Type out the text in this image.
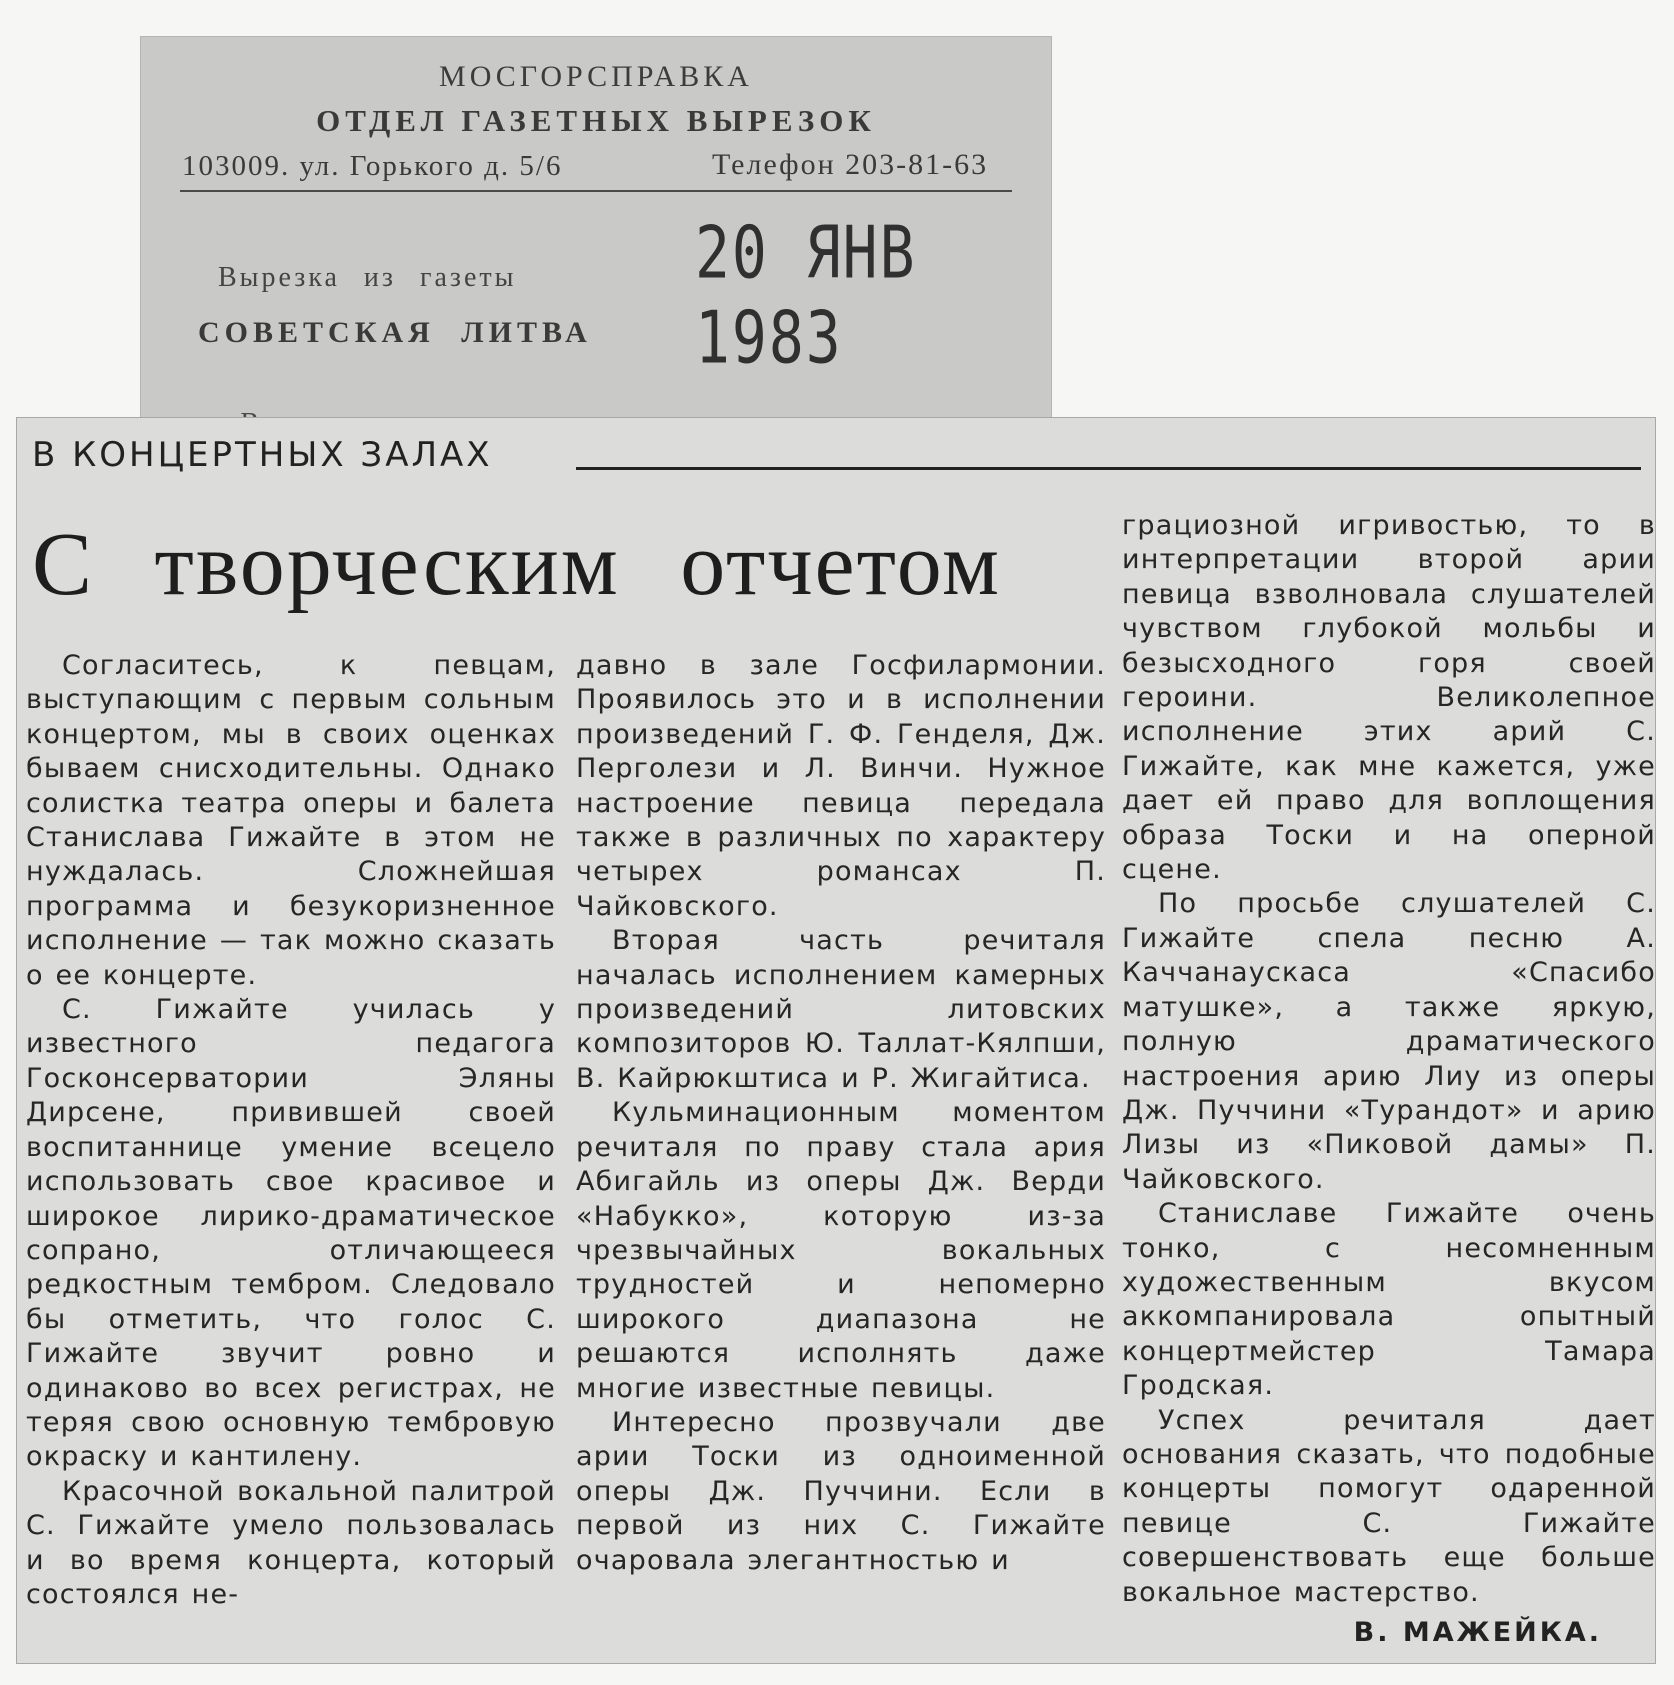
МОСГОРСПРАВКА
ОТДЕЛ ГАЗЕТНЫХ ВЫРЕЗОК
103009. ул. Горького д. 5/6	Телефон 203-81-63
Вырезка из газеты	20 ЯНВ 1983
СОВЕТСКАЯ ЛИТВА
В КОНЦЕРТНЫХ ЗАЛАХ
С творческим отчетом

Согласитесь, к певцам, выступающим с первым сольным концертом, мы в своих оценках бываем снисходительны. Однако солистка театра оперы и балета Станислава Гижайте в этом не нуждалась. Сложнейшая программа и безукоризненное исполнение — так можно сказать о ее концерте.

С. Гижайте училась у известного педагога Госконсерватории Эляны Дирсене, привившей своей воспитаннице умение всецело использовать свое красивое и широкое лирико-драматическое сопрано, отличающееся редкостным тембром. Следовало бы отметить, что голос С. Гижайте звучит ровно и одинаково во всех регистрах, не теряя свою основную тембровую окраску и кантилену.

Красочной вокальной палитрой С. Гижайте умело пользовалась и во время концерта, который состоялся не-

давно в зале Госфилармонии. Проявилось это и в исполнении произведений Г. Ф. Генделя, Дж. Перголези и Л. Винчи. Нужное настроение певица передала также в различных по характеру четырех романсах П. Чайковского.

Вторая часть речиталя началась исполнением камерных произведений литовских композиторов Ю. Таллат-Кялпши, В. Кайрюкштиса и Р. Жигайтиса.

Кульминационным моментом речиталя по праву стала ария Абигайль из оперы Дж. Верди «Набукко», которую из-за чрезвычайных вокальных трудностей и непомерно широкого диапазона не решаются исполнять даже многие известные певицы.

Интересно прозвучали две арии Тоски из одноименной оперы Дж. Пуччини. Если в первой из них С. Гижайте очаровала элегантностью и

грациозной игривостью, то в интерпретации второй арии певица взволновала слушателей чувством глубокой мольбы и безысходного горя своей героини. Великолепное исполнение этих арий С. Гижайте, как мне кажется, уже дает ей право для воплощения образа Тоски и на оперной сцене.

По просьбе слушателей С. Гижайте спела песню А. Каччанаускаса «Спасибо матушке», а также яркую, полную драматического настроения арию Лиу из оперы Дж. Пуччини «Турандот» и арию Лизы из «Пиковой дамы» П. Чайковского.

Станиславе Гижайте очень тонко, с несомненным художественным вкусом аккомпанировала опытный концертмейстер Тамара Гродская.

Успех речиталя дает основания сказать, что подобные концерты помогут одаренной певице С. Гижайте совершенствовать еще больше вокальное мастерство.

В. МАЖЕЙКА.
